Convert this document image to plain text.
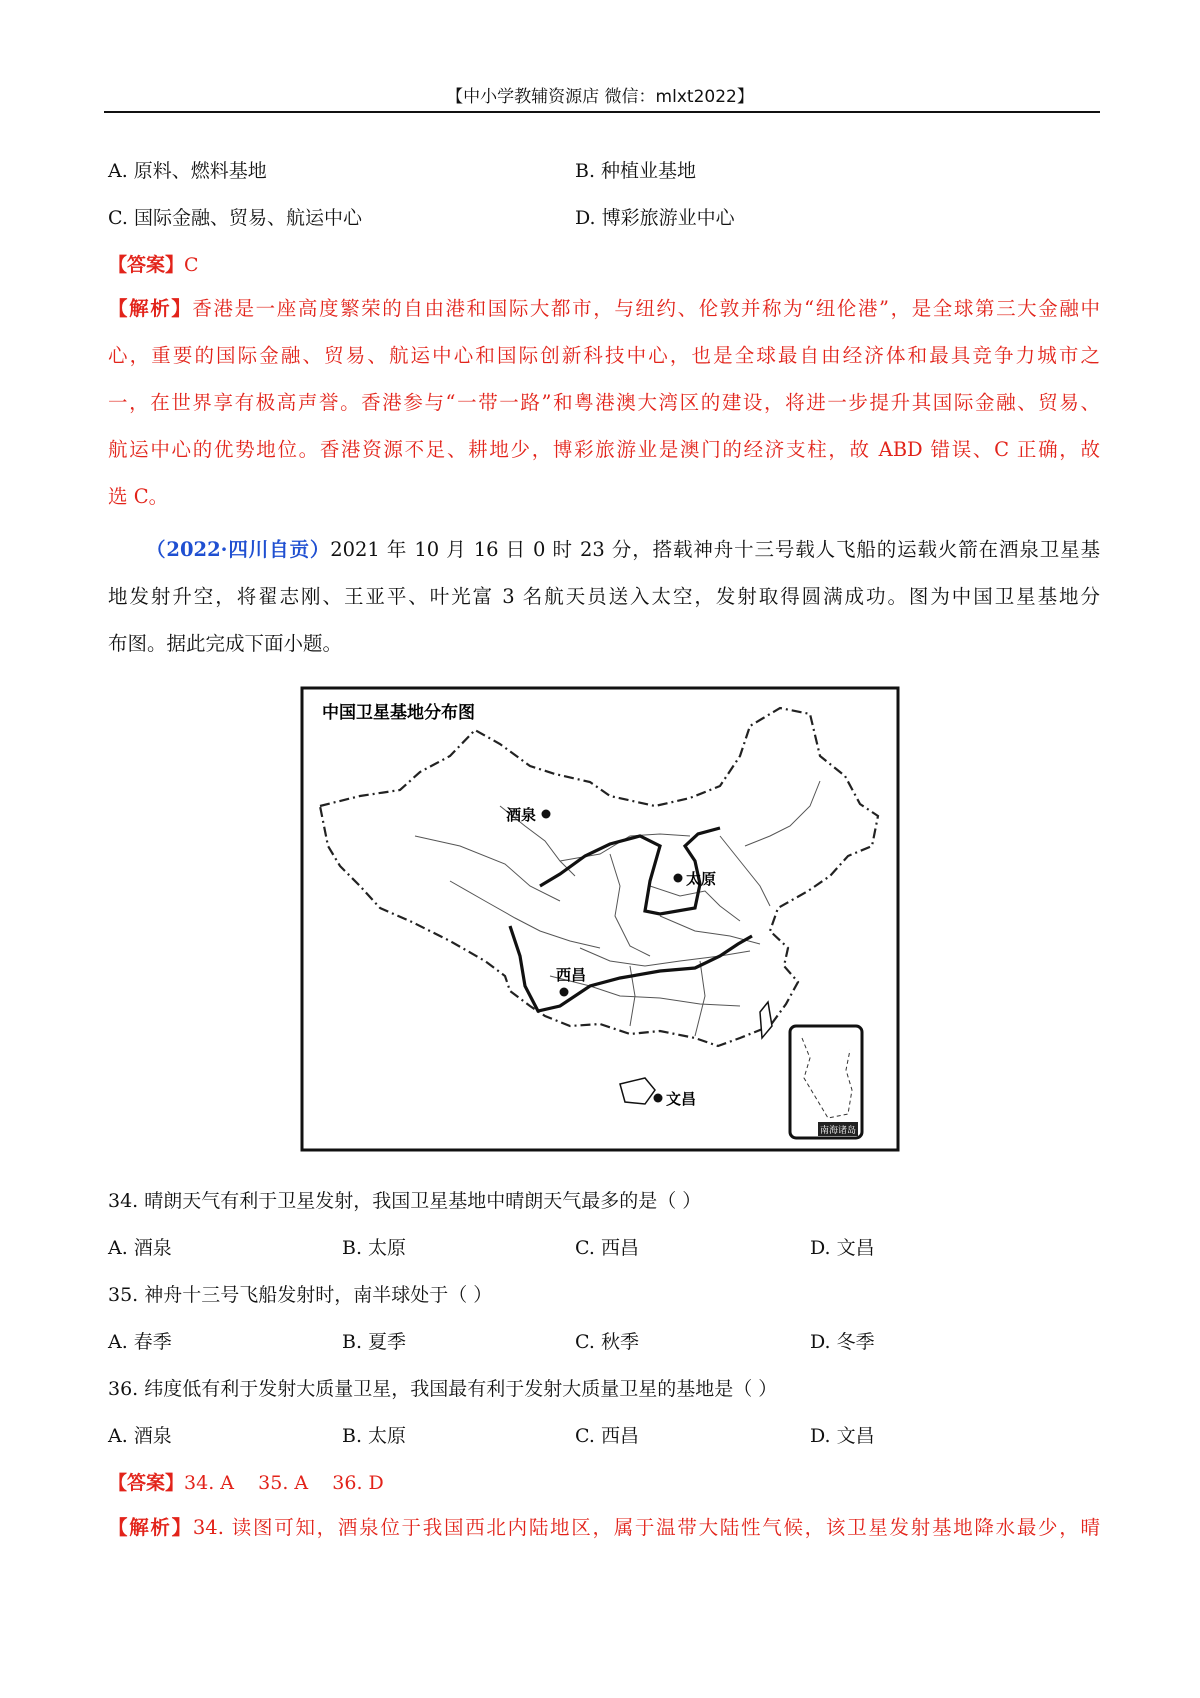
【中小学教辅资源店 微信：mlxt2022】
A. 原料、燃料基地	B. 种植业基地
C. 国际金融、贸易、航运中心	D. 博彩旅游业中心
【答案】C
【解析】香港是一座高度繁荣的自由港和国际大都市，与纽约、伦敦并称为“纽伦港”，是全球第三大金融中
心，重要的国际金融、贸易、航运中心和国际创新科技中心，也是全球最自由经济体和最具竞争力城市之
一，在世界享有极高声誉。香港参与“一带一路”和粤港澳大湾区的建设，将进一步提升其国际金融、贸易、
航运中心的优势地位。香港资源不足、耕地少，博彩旅游业是澳门的经济支柱，故 ABD 错误、C 正确，故
选 C。
（2022·四川自贡）2021 年 10 月 16 日 0 时 23 分，搭载神舟十三号载人飞船的运载火箭在酒泉卫星基
地发射升空，将翟志刚、王亚平、叶光富 3 名航天员送入太空，发射取得圆满成功。图为中国卫星基地分
布图。据此完成下面小题。
中国卫星基地分布图
南海诸岛
酒泉
太原
西昌
文昌
34. 晴朗天气有利于卫星发射，我国卫星基地中晴朗天气最多的是（ ）
A. 酒泉	B. 太原	C. 西昌	D. 文昌
35. 神舟十三号飞船发射时，南半球处于（ ）
A. 春季	B. 夏季	C. 秋季	D. 冬季
36. 纬度低有利于发射大质量卫星，我国最有利于发射大质量卫星的基地是（ ）
A. 酒泉	B. 太原	C. 西昌	D. 文昌
【答案】34. A    35. A    36. D
【解析】34. 读图可知，酒泉位于我国西北内陆地区，属于温带大陆性气候，该卫星发射基地降水最少，晴
